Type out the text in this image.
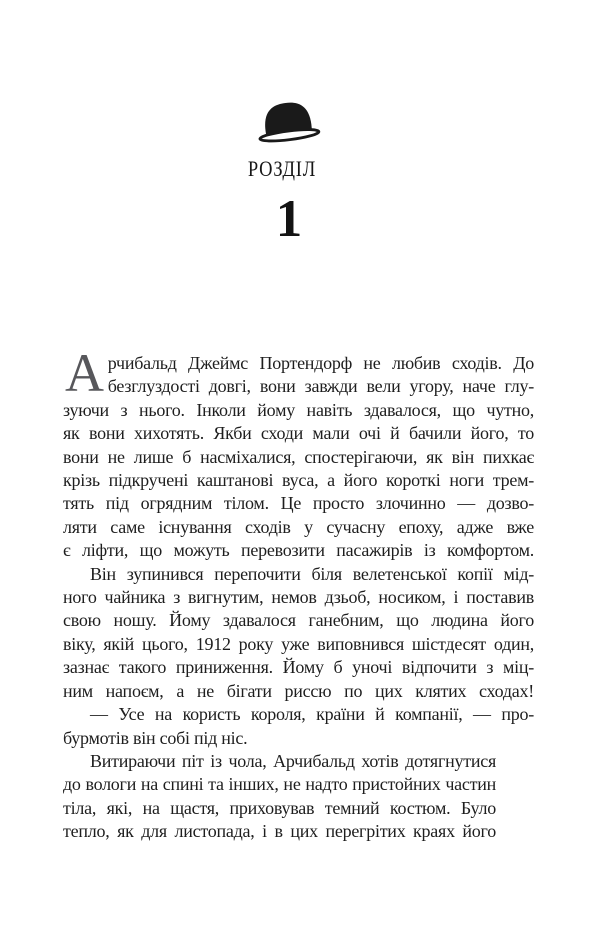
РОЗДІЛ
1
А рчибальд Джеймс Портендорф не любив сходів. До
безглуздості довгі, вони завжди вели угору, наче глу-
зуючи з нього. Інколи йому навіть здавалося, що чутно,
як вони хихотять. Якби сходи мали очі й бачили його, то
вони не лише б насміхалися, спостерігаючи, як він пихкає
крізь підкручені каштанові вуса, а його короткі ноги трем-
тять під огрядним тілом. Це просто злочинно — дозво-
ляти саме існування сходів у сучасну епоху, адже вже
є ліфти, що можуть перевозити пасажирів із комфортом.
Він зупинився перепочити біля велетенської копії мід-
ного чайника з вигнутим, немов дзьоб, носиком, і поставив
свою ношу. Йому здавалося ганебним, що людина його
віку, якій цього, 1912 року уже виповнився шістдесят один,
зазнає такого приниження. Йому б уночі відпочити з міц-
ним напоєм, а не бігати риссю по цих клятих сходах!
— Усе на користь короля, країни й компанії, — про-
бурмотів він собі під ніс.
Витираючи піт із чола, Арчибальд хотів дотягнутися
до вологи на спині та інших, не надто пристойних частин
тіла, які, на щастя, приховував темний костюм. Було
тепло, як для листопада, і в цих перегрітих краях його
